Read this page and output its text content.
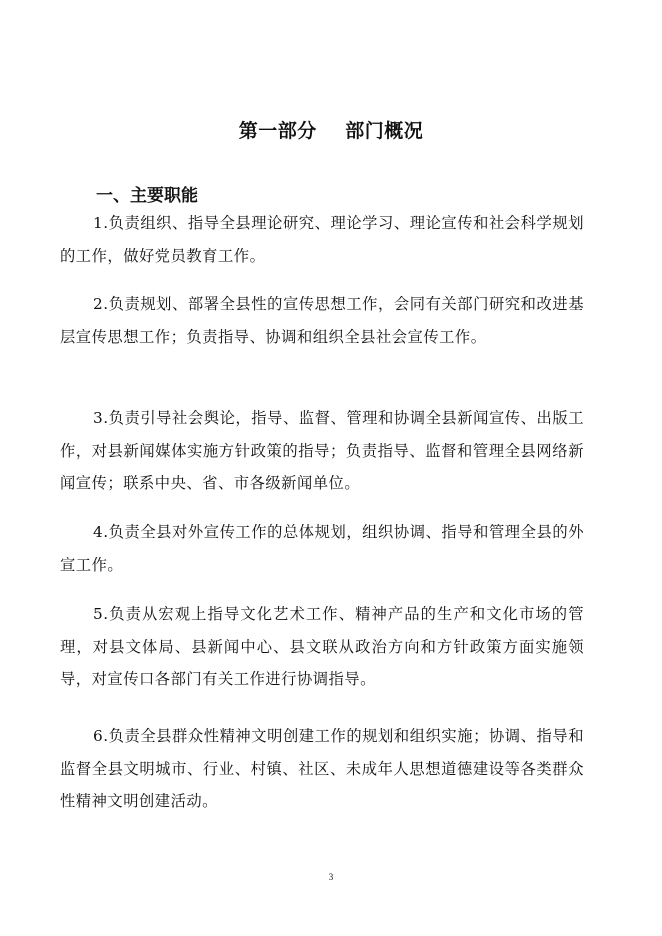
第一部分    部门概况
一、主要职能

1.负责组织、指导全县理论研究、理论学习、理论宣传和社会科学规划的工作，做好党员教育工作。

2.负责规划、部署全县性的宣传思想工作，会同有关部门研究和改进基层宣传思想工作；负责指导、协调和组织全县社会宣传工作。

3.负责引导社会舆论，指导、监督、管理和协调全县新闻宣传、出版工作，对县新闻媒体实施方针政策的指导；负责指导、监督和管理全县网络新闻宣传；联系中央、省、市各级新闻单位。

4.负责全县对外宣传工作的总体规划，组织协调、指导和管理全县的外宣工作。

5.负责从宏观上指导文化艺术工作、精神产品的生产和文化市场的管理，对县文体局、县新闻中心、县文联从政治方向和方针政策方面实施领导，对宣传口各部门有关工作进行协调指导。

6.负责全县群众性精神文明创建工作的规划和组织实施；协调、指导和监督全县文明城市、行业、村镇、社区、未成年人思想道德建设等各类群众性精神文明创建活动。

3
